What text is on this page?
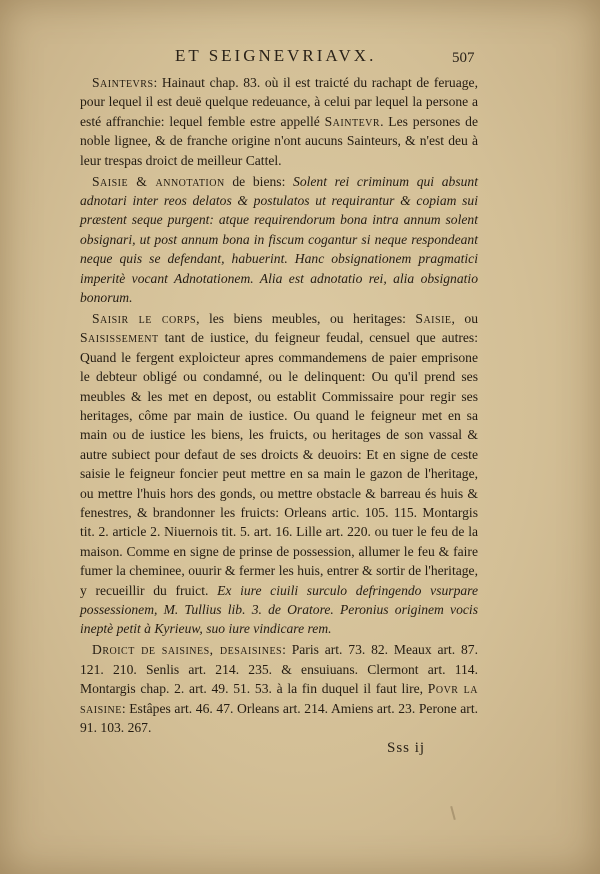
ET SEIGNEVRIAVX.	507

Saintevrs: Hainaut chap. 83. où il est traicté du rachapt de feruage, pour lequel il est deuë quelque redeuance, à celui par lequel la persone a esté affranchie: lequel femble estre appellé Saintevr. Les persones de noble lignee, & de franche origine n'ont aucuns Sainteurs, & n'est deu à leur trespas droict de meilleur Cattel.

Saisie & annotation de biens: Solent rei criminum qui absunt adnotari inter reos delatos & postulatos ut requirantur & copiam sui præstent seque purgent: atque requirendorum bona intra annum solent obsignari, ut post annum bona in fiscum cogantur si neque respondeant neque quis se defendant, habuerint. Hanc obsignationem pragmatici imperitè vocant Adnotationem. Alia est adnotatio rei, alia obsignatio bonorum.

Saisir le corps, les biens meubles, ou heritages: Saisie, ou Saisissement tant de iustice, du feigneur feudal, censuel que autres: Quand le fergent exploicteur apres commandemens de paier emprisone le debteur obligé ou condamné, ou le delinquent: Ou qu'il prend ses meubles & les met en depost, ou establit Commissaire pour regir ses heritages, côme par main de iustice. Ou quand le feigneur met en sa main ou de iustice les biens, les fruicts, ou heritages de son vassal & autre subiect pour defaut de ses droicts & deuoirs: Et en signe de ceste saisie le feigneur foncier peut mettre en sa main le gazon de l'heritage, ou mettre l'huis hors des gonds, ou mettre obstacle & barreau és huis & fenestres, & brandonner les fruicts: Orleans artic. 105. 115. Montargis tit. 2. article 2. Niuernois tit. 5. art. 16. Lille art. 220. ou tuer le feu de la maison. Comme en signe de prinse de possession, allumer le feu & faire fumer la cheminee, ouurir & fermer les huis, entrer & sortir de l'heritage, y recueillir du fruict. Ex iure ciuili surculo defringendo vsurpare possessionem, M. Tullius lib. 3. de Oratore. Peronius originem vocis ineptè petit à Kyrieuw, suo iure vindicare rem.

Droict de saisines, desaisines: Paris art. 73. 82. Meaux art. 87. 121. 210. Senlis art. 214. 235. & ensuiuans. Clermont art. 114. Montargis chap. 2. art. 49. 51. 53. à la fin duquel il faut lire, Povr la saisine: Estâpes art. 46. 47. Orleans art. 214. Amiens art. 23. Perone art. 91. 103. 267.

Sss ij
